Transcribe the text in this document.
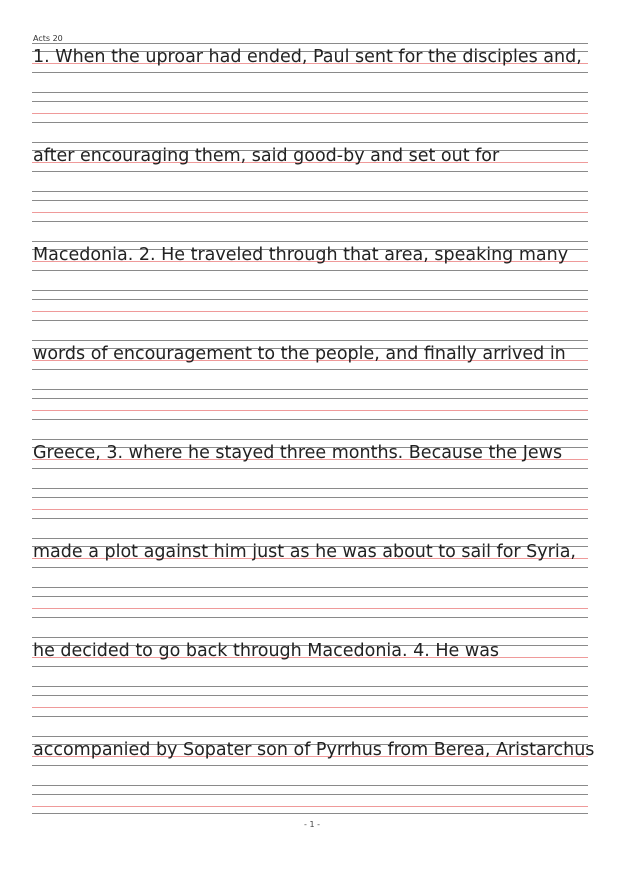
Acts 20
1. When the uproar had ended, Paul sent for the disciples and,
after encouraging them, said good-by and set out for
Macedonia. 2. He traveled through that area, speaking many
words of encouragement to the people, and finally arrived in
Greece, 3. where he stayed three months. Because the Jews
made a plot against him just as he was about to sail for Syria,
he decided to go back through Macedonia. 4. He was
accompanied by Sopater son of Pyrrhus from Berea, Aristarchus
- 1 -
